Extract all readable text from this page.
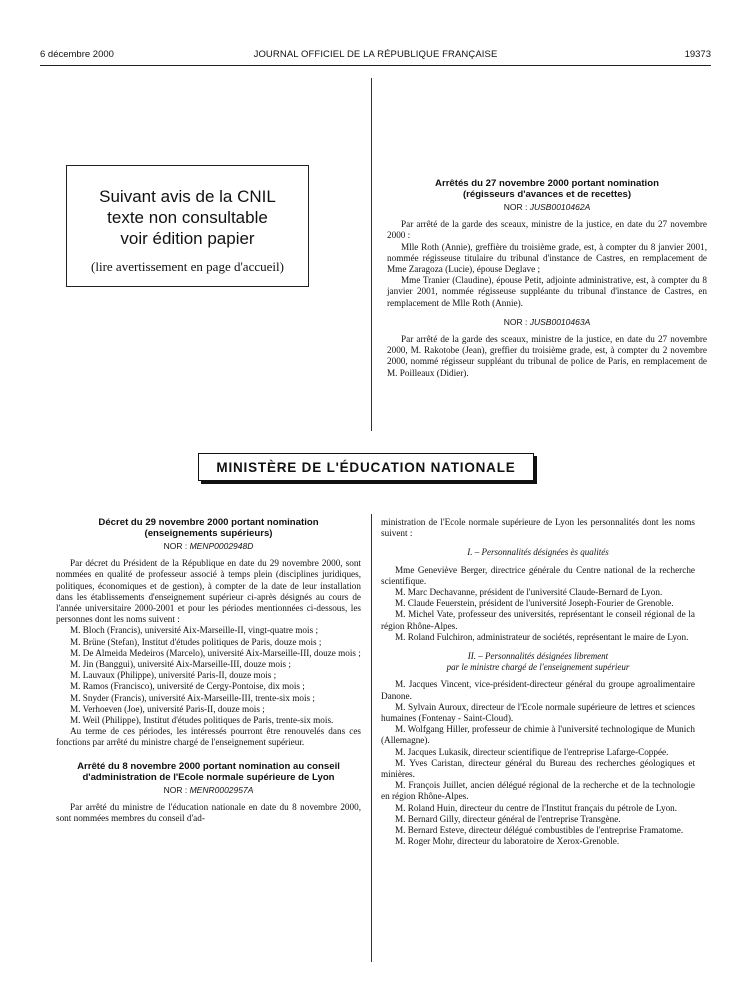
6 décembre 2000	JOURNAL OFFICIEL DE LA RÉPUBLIQUE FRANÇAISE	19373
Suivant avis de la CNIL
texte non consultable
voir édition papier
(lire avertissement en page d'accueil)
Arrêtés du 27 novembre 2000 portant nomination (régisseurs d'avances et de recettes)
NOR : JUSB0010462A

Par arrêté de la garde des sceaux, ministre de la justice, en date du 27 novembre 2000 :

Mlle Roth (Annie), greffière du troisième grade, est, à compter du 8 janvier 2001, nommée régisseuse titulaire du tribunal d'instance de Castres, en remplacement de Mme Zaragoza (Lucie), épouse Deglave ;

Mme Tranier (Claudine), épouse Petit, adjointe administrative, est, à compter du 8 janvier 2001, nommée régisseuse suppléante du tribunal d'instance de Castres, en remplacement de Mlle Roth (Annie).

NOR : JUSB0010463A

Par arrêté de la garde des sceaux, ministre de la justice, en date du 27 novembre 2000, M. Rakotobe (Jean), greffier du troisième grade, est, à compter du 2 novembre 2000, nommé régisseur suppléant du tribunal de police de Paris, en remplacement de M. Poilleaux (Didier).

MINISTÈRE DE L'ÉDUCATION NATIONALE
Décret du 29 novembre 2000 portant nomination (enseignements supérieurs)
NOR : MENP0002948D

Par décret du Président de la République en date du 29 novembre 2000, sont nommées en qualité de professeur associé à temps plein (disciplines juridiques, politiques, économiques et de gestion), à compter de la date de leur installation dans les établissements d'enseignement supérieur ci-après désignés au cours de l'année universitaire 2000-2001 et pour les périodes mentionnées ci-dessous, les personnes dont les noms suivent :

M. Bloch (Francis), université Aix-Marseille-II, vingt-quatre mois ;

M. Brüne (Stefan), Institut d'études politiques de Paris, douze mois ;

M. De Almeida Medeiros (Marcelo), université Aix-Marseille-III, douze mois ;

M. Jin (Banggui), université Aix-Marseille-III, douze mois ;

M. Lauvaux (Philippe), université Paris-II, douze mois ;

M. Ramos (Francisco), université de Cergy-Pontoise, dix mois ;

M. Snyder (Francis), université Aix-Marseille-III, trente-six mois ;

M. Verhoeven (Joe), université Paris-II, douze mois ;

M. Weil (Philippe), Institut d'études politiques de Paris, trente-six mois.

Au terme de ces périodes, les intéressés pourront être renouvelés dans ces fonctions par arrêté du ministre chargé de l'enseignement supérieur.

Arrêté du 8 novembre 2000 portant nomination au conseil d'administration de l'Ecole normale supérieure de Lyon
NOR : MENR0002957A

Par arrêté du ministre de l'éducation nationale en date du 8 novembre 2000, sont nommées membres du conseil d'ad-

ministration de l'Ecole normale supérieure de Lyon les personnalités dont les noms suivent :

I. – Personnalités désignées ès qualités

Mme Geneviève Berger, directrice générale du Centre national de la recherche scientifique.

M. Marc Dechavanne, président de l'université Claude-Bernard de Lyon.

M. Claude Feuerstein, président de l'université Joseph-Fourier de Grenoble.

M. Michel Vate, professeur des universités, représentant le conseil régional de la région Rhône-Alpes.

M. Roland Fulchiron, administrateur de sociétés, représentant le maire de Lyon.

II. – Personnalités désignées librement
par le ministre chargé de l'enseignement supérieur

M. Jacques Vincent, vice-président-directeur général du groupe agroalimentaire Danone.

M. Sylvain Auroux, directeur de l'Ecole normale supérieure de lettres et sciences humaines (Fontenay - Saint-Cloud).

M. Wolfgang Hiller, professeur de chimie à l'université technologique de Munich (Allemagne).

M. Jacques Lukasik, directeur scientifique de l'entreprise Lafarge-Coppée.

M. Yves Caristan, directeur général du Bureau des recherches géologiques et minières.

M. François Juillet, ancien délégué régional de la recherche et de la technologie en région Rhône-Alpes.

M. Roland Huin, directeur du centre de l'Institut français du pétrole de Lyon.

M. Bernard Gilly, directeur général de l'entreprise Transgène.

M. Bernard Esteve, directeur délégué combustibles de l'entreprise Framatome.

M. Roger Mohr, directeur du laboratoire de Xerox-Grenoble.
